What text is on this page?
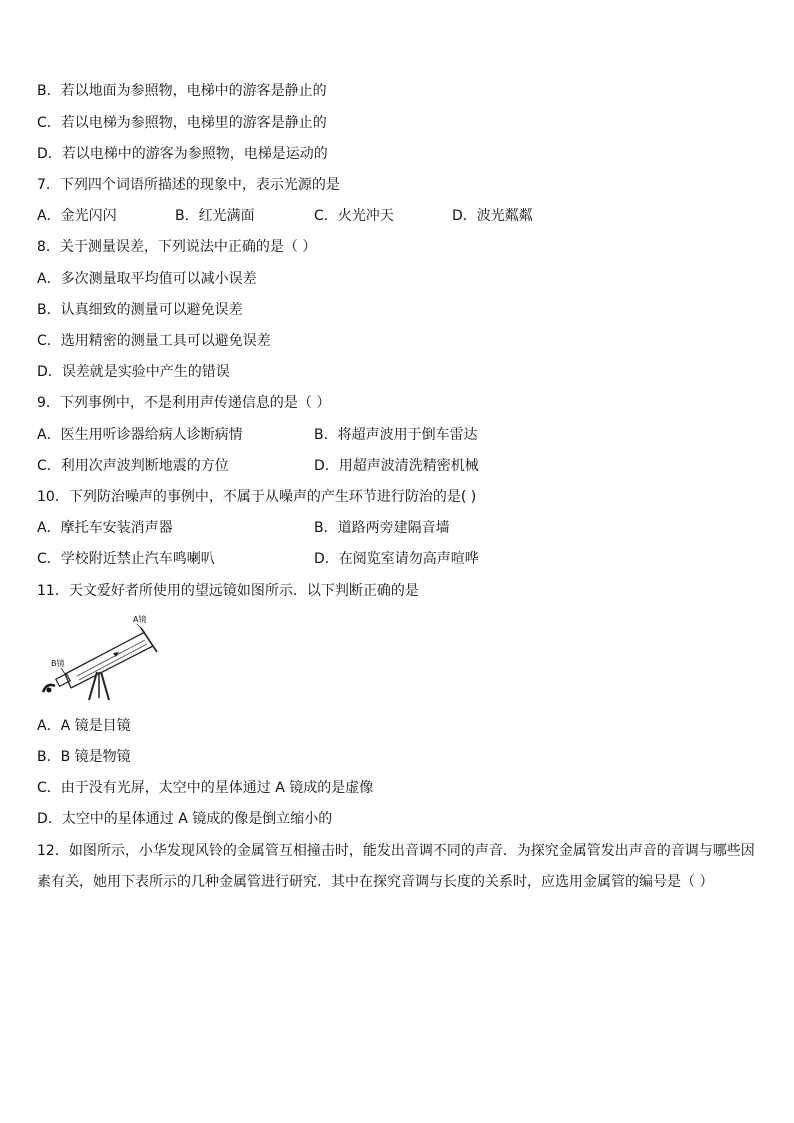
B．若以地面为参照物，电梯中的游客是静止的
C．若以电梯为参照物，电梯里的游客是静止的
D．若以电梯中的游客为参照物，电梯是运动的
7．下列四个词语所描述的现象中，表示光源的是
A．金光闪闪	B．红光满面	C．火光冲天	D．波光粼粼
8．关于测量误差，下列说法中正确的是（ ）
A．多次测量取平均值可以减小误差
B．认真细致的测量可以避免误差
C．选用精密的测量工具可以避免误差
D．误差就是实验中产生的错误
9．下列事例中，不是利用声传递信息的是（ ）
A．医生用听诊器给病人诊断病情	B．将超声波用于倒车雷达
C．利用次声波判断地震的方位	D．用超声波清洗精密机械
10．下列防治噪声的事例中，不属于从噪声的产生环节进行防治的是( )
A．摩托车安装消声器	B．道路两旁建隔音墙
C．学校附近禁止汽车鸣喇叭	D．在阅览室请勿高声喧哗
11．天文爱好者所使用的望远镜如图所示．以下判断正确的是
A镜
B镜
A．A 镜是目镜
B．B 镜是物镜
C．由于没有光屏，太空中的星体通过 A 镜成的是虚像
D．太空中的星体通过 A 镜成的像是倒立缩小的
12．如图所示，小华发现风铃的金属管互相撞击时，能发出音调不同的声音．为探究金属管发出声音的音调与哪些因素有关，她用下表所示的几种金属管进行研究．其中在探究音调与长度的关系时，应选用金属管的编号是（ ）
